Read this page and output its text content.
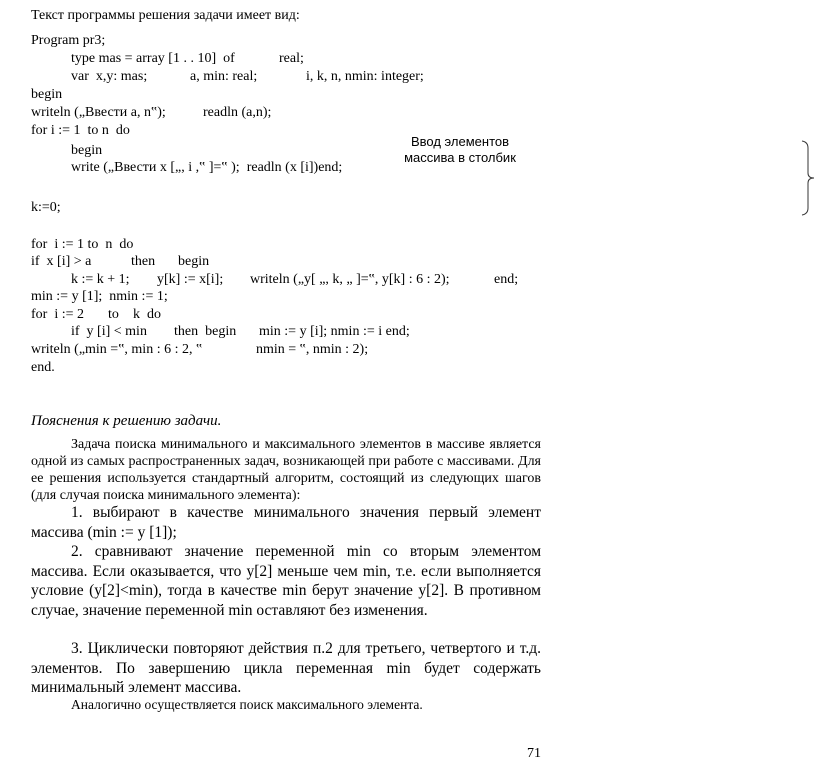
Текст программы решения задачи имеет вид:
Program pr3;
type mas = array [1 . . 10]  of	real;
var  x,y: mas;	a, min: real;	i, k, n, nmin: integer;
begin
writeln („Ввести a, n‟);	readln (a,n);
for i := 1  to n  do
begin
write („Ввести x [„, i ,‟ ]=‟ );  readln (x [i])end;
k:=0;
for  i := 1 to  n  do
if  x [i] > a	then begin
k := k + 1; y[k] := x[i]; writeln („y[ „, k, „ ]=‟, y[k] : 6 : 2);	end;
min := y [1];  nmin := 1;
for  i := 2 to k  do
if  y [i] < min then  begin min := y [i]; nmin := i end;
writeln („min =‟, min : 6 : 2, ‟	nmin = ‟, nmin : 2);
end.
Ввод элементов
массива в столбик
Пояснения к решению задачи.
Задача поиска минимального и максимального элементов в массиве является одной из самых распространенных задач, возникающей при работе с массивами. Для ее решения используется стандартный алгоритм, состоящий из следующих шагов (для случая поиска минимального элемента):
1. выбирают в качестве минимального значения первый элемент массива (min := y [1]);
2. сравнивают значение переменной min со вторым элементом массива. Если оказывается, что y[2] меньше чем min, т.е. если выполняется условие (y[2]<min), тогда в качестве min берут значение y[2]. В противном случае, значение переменной min оставляют без изменения.
3. Циклически повторяют действия п.2 для третьего, четвертого и т.д. элементов. По завершению цикла переменная min будет содержать минимальный элемент массива.
Аналогично осуществляется поиск максимального элемента.
71
